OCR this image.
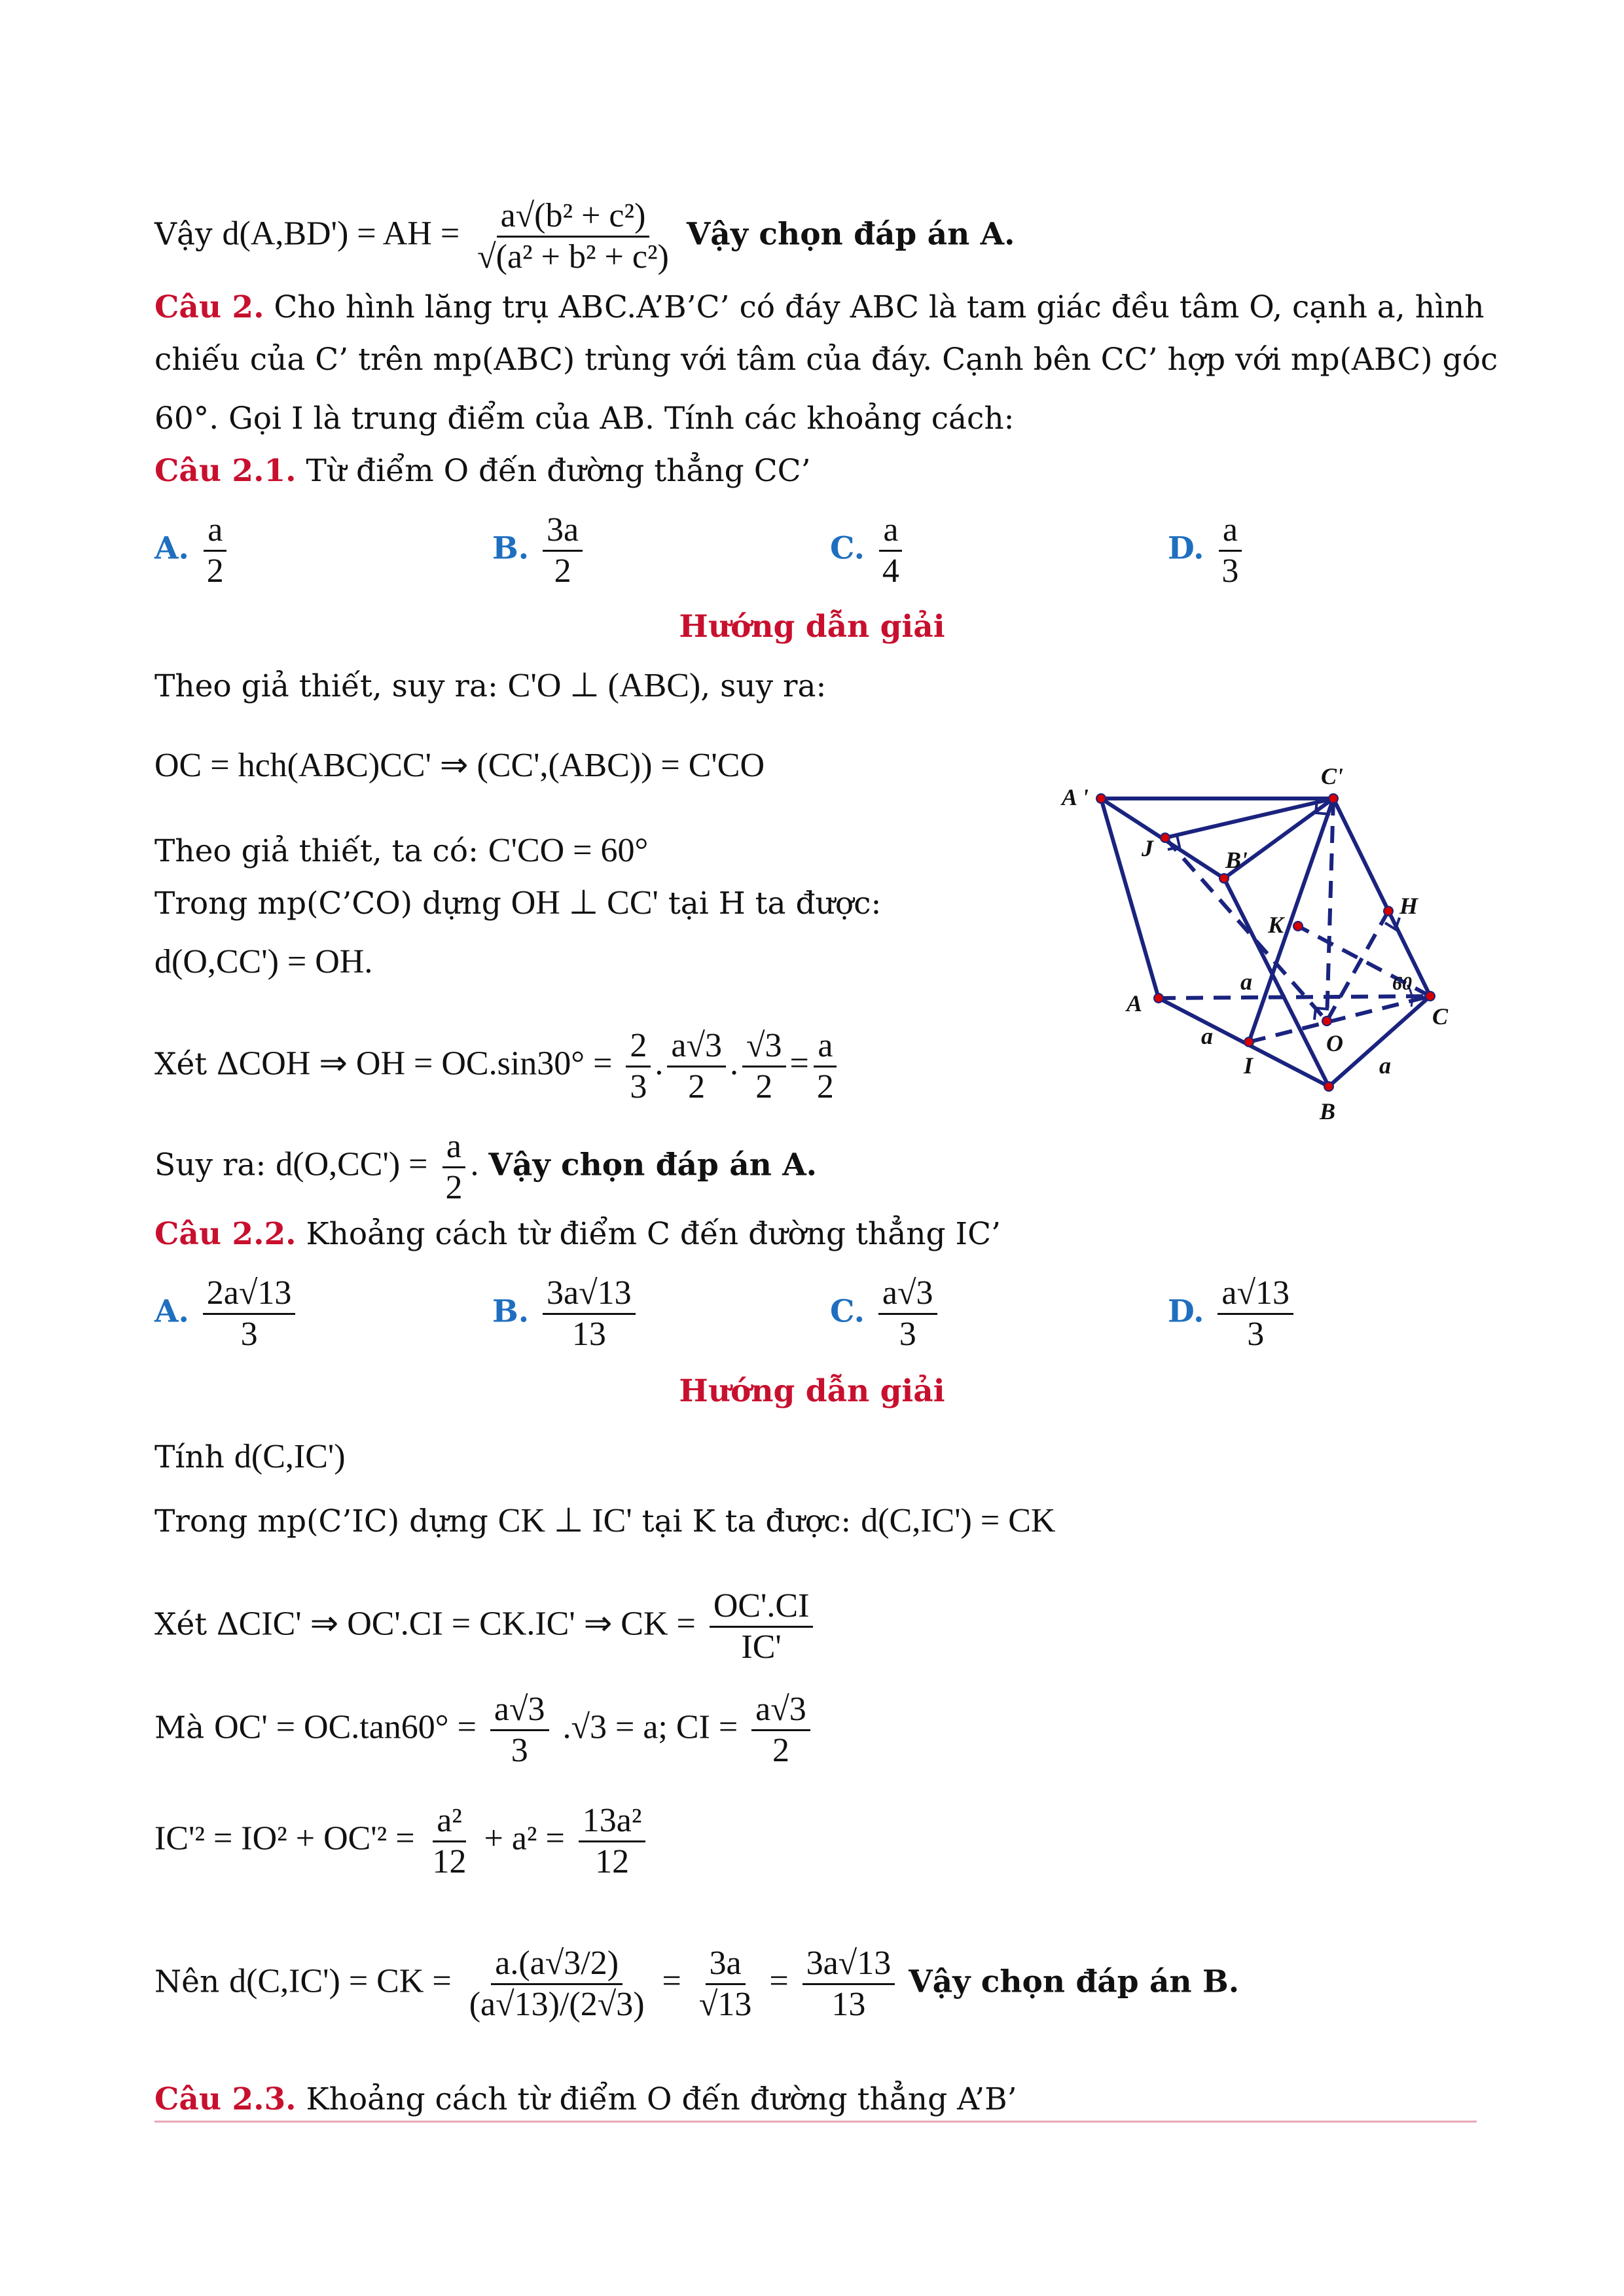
Vậy d(A,BD') = AH = $\frac{\text{a√(b² + c²)}}{\text{√(a² + b² + c²)}}$ Vậy chọn đáp án A.
Câu 2. Cho hình lăng trụ ABC.A’B’C’ có đáy ABC là tam giác đều tâm O, cạnh a, hình
chiếu của C’ trên mp(ABC) trùng với tâm của đáy. Cạnh bên CC’ hợp với mp(ABC) góc
60°. Gọi I là trung điểm của AB. Tính các khoảng cách:
Câu 2.1. Từ điểm O đến đường thẳng CC’
A. $\frac{a}{2}$	B. $\frac{3a}{2}$	C. $\frac{a}{4}$	D. $\frac{a}{3}$
Hướng dẫn giải
Theo giả thiết, suy ra: C'O ⊥ (ABC), suy ra:
OC = hch(ABC)CC' ⇒ (CC',(ABC)) = C'CO
Theo giả thiết, ta có: C'CO = 60°
Trong mp(C’CO) dựng OH ⊥ CC' tại H ta được:
d(O,CC') = OH.
Xét ΔCOH ⇒ OH = $OC.\sin 30^\circ = \frac{2}{3}$ . $\frac{a√3}{2}$ . $\frac{√3}{2} = \frac{a}{2}$
Suy ra: $d(O,CC') = \frac{a}{2}$ . Vậy chọn đáp án A.
A '
C'
B'
J
K
H
A	C
B
I
O
60
a
a
a
Câu 2.2. Khoảng cách từ điểm C đến đường thẳng IC’
A. $\frac{2a√13}{3}$	B. $\frac{3a√13}{13}$	C. $\frac{a√3}{3}$	D. $\frac{a√13}{3}$
Hướng dẫn giải
Tính d(C,IC')
Trong mp(C’IC) dựng CK ⊥ IC' tại K ta được: d(C,IC') = CK
Xét ΔCIC' ⇒ OC'.CI = CK.IC' ⇒ CK = $\frac{OC'.CI}{IC'}$
Mà $OC' = OC.\tan 60^\circ = \frac{a√3}{3} .√3 = a$; CI = $\frac{a√3}{2}$
$IC'^2 = IO^2 + OC'^2 = \frac{\text{a²}}{12} + a^2 = \frac{\text{13a²}}{12}$
Nên d(C,IC') = CK = $\frac{a.(a√3/2)}{(a√13)/(2√3)} = \frac{3a}{√13} = \frac{3a√13}{13}$ Vậy chọn đáp án B.
Câu 2.3. Khoảng cách từ điểm O đến đường thẳng A’B’
